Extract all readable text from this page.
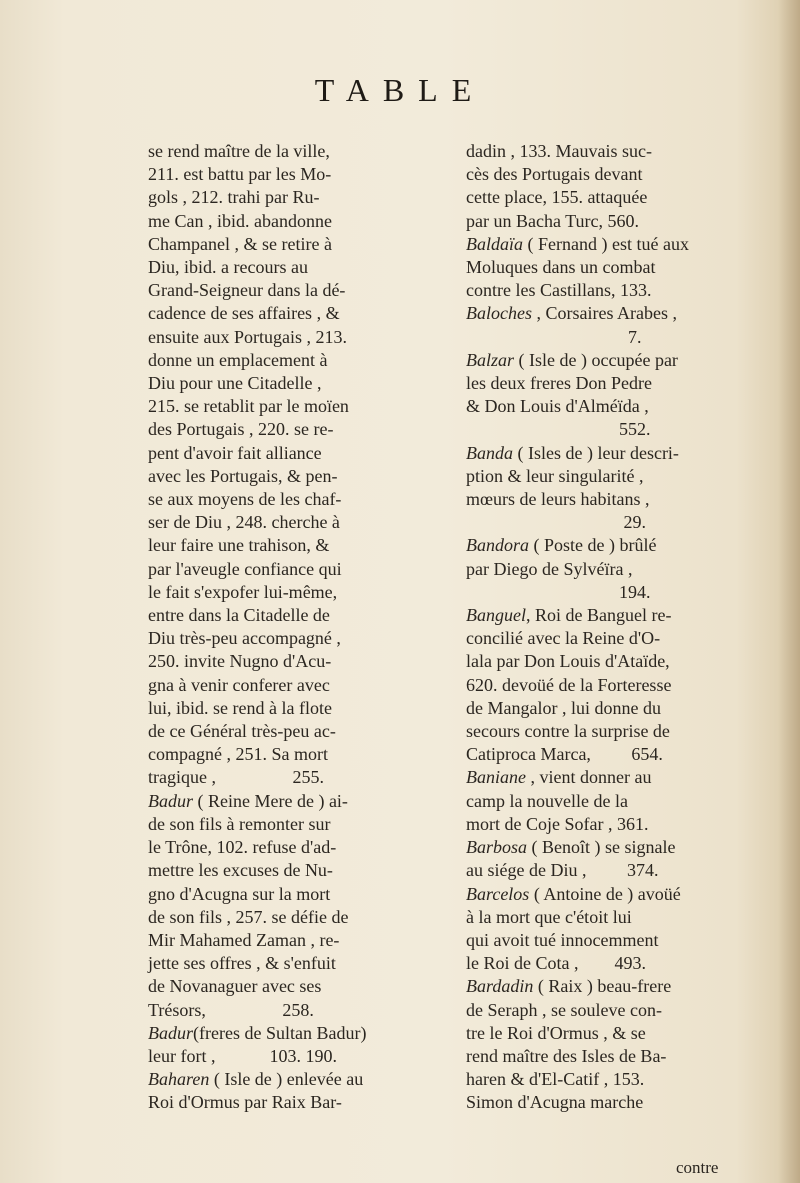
TABLE
se rend maître de la ville,
211. est battu par les Mo-
gols , 212. trahi par Ru-
me Can , ibid. abandonne
Champanel , & se retire à
Diu, ibid. a recours au
Grand-Seigneur dans la dé-
cadence de ses affaires , &
ensuite aux Portugais , 213.
donne un emplacement à
Diu pour une Citadelle ,
215. se retablit par le moïen
des Portugais , 220. se re-
pent d'avoir fait alliance
avec les Portugais, & pen-
se aux moyens de les chaf-
ser de Diu , 248. cherche à
leur faire une trahison, &
par l'aveugle confiance qui
le fait s'expofer lui-même,
entre dans la Citadelle de
Diu très-peu accompagné ,
250. invite Nugno d'Acu-
gna à venir conferer avec
lui, ibid. se rend à la flote
de ce Général très-peu ac-
compagné , 251. Sa mort
tragique ,                 255.
Badur ( Reine Mere de ) ai-
de son fils à remonter sur
le Trône, 102. refuse d'ad-
mettre les excuses de Nu-
gno d'Acugna sur la mort
de son fils , 257. se défie de
Mir Mahamed Zaman , re-
jette ses offres , & s'enfuit
de Novanaguer avec ses
Trésors,                 258.
Badur(freres de Sultan Badur)
leur fort ,            103. 190.
Baharen ( Isle de ) enlevée au
Roi d'Ormus par Raix Bar-
dadin , 133. Mauvais suc-
cès des Portugais devant
cette place, 155. attaquée
par un Bacha Turc, 560.
Baldaïa ( Fernand ) est tué aux
Moluques dans un combat
contre les Castillans, 133.
Baloches , Corsaires Arabes ,
7.
Balzar ( Isle de ) occupée par
les deux freres Don Pedre
& Don Louis d'Alméïda ,
552.
Banda ( Isles de ) leur descri-
ption & leur singularité ,
mœurs de leurs habitans ,
29.
Bandora ( Poste de ) brûlé
par Diego de Sylvéïra ,
194.
Banguel, Roi de Banguel re-
concilié avec la Reine d'O-
lala par Don Louis d'Ataïde,
620. devoüé de la Forteresse
de Mangalor , lui donne du
secours contre la surprise de
Catiproca Marca,         654.
Baniane , vient donner au
camp la nouvelle de la
mort de Coje Sofar , 361.
Barbosa ( Benoît ) se signale
au siége de Diu ,         374.
Barcelos ( Antoine de ) avoüé
à la mort que c'étoit lui
qui avoit tué innocemment
le Roi de Cota ,        493.
Bardadin ( Raix ) beau-frere
de Seraph , se souleve con-
tre le Roi d'Ormus , & se
rend maître des Isles de Ba-
haren & d'El-Catif , 153.
Simon d'Acugna marche
contre
